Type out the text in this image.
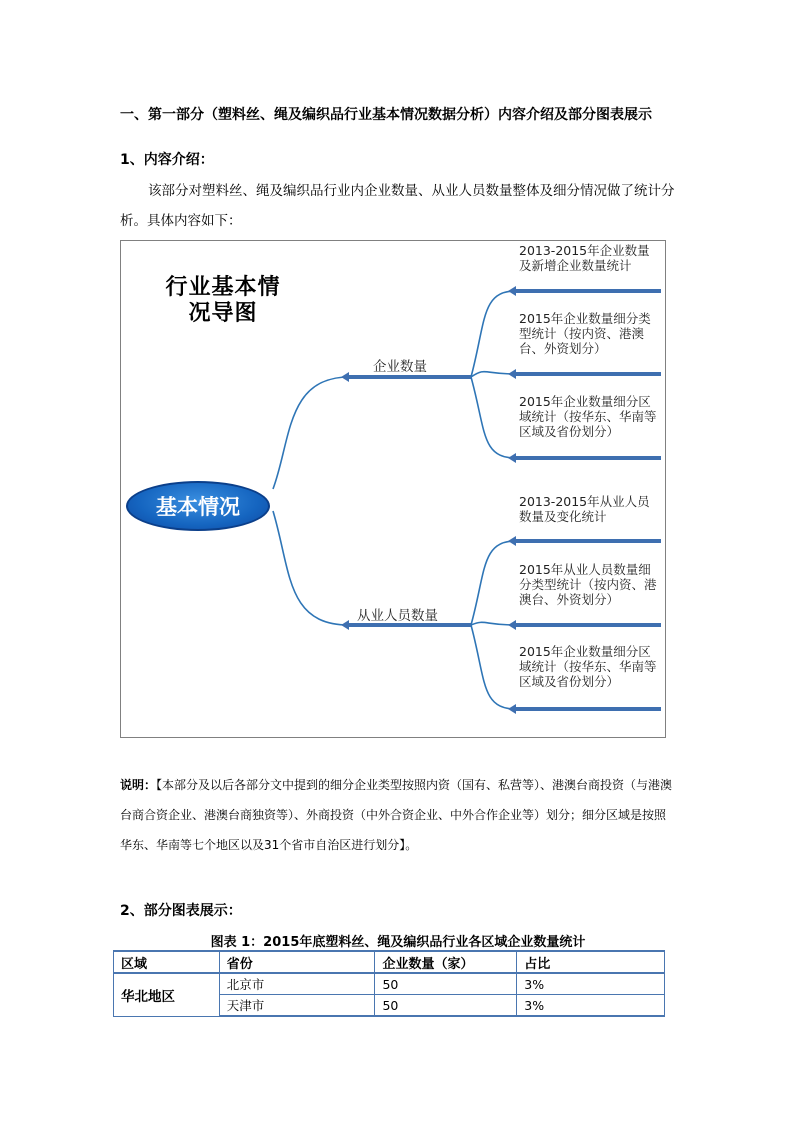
一、第一部分（塑料丝、绳及编织品行业基本情况数据分析）内容介绍及部分图表展示
1、内容介绍：
该部分对塑料丝、绳及编织品行业内企业数量、从业人员数量整体及细分情况做了统计分析。具体内容如下：
行业基本情况导图
基本情况
企业数量
从业人员数量
2013-2015年企业数量及新增企业数量统计
2015年企业数量细分类型统计（按内资、港澳台、外资划分）
2015年企业数量细分区域统计（按华东、华南等区域及省份划分）
2013-2015年从业人员数量及变化统计
2015年从业人员数量细分类型统计（按内资、港澳台、外资划分）
2015年企业数量细分区域统计（按华东、华南等区域及省份划分）
说明：【本部分及以后各部分文中提到的细分企业类型按照内资（国有、私营等）、港澳台商投资（与港澳台商合资企业、港澳台商独资等）、外商投资（中外合资企业、中外合作企业等）划分；细分区域是按照华东、华南等七个地区以及31个省市自治区进行划分】。
2、部分图表展示：
图表 1：2015年底塑料丝、绳及编织品行业各区域企业数量统计
区域	省份	企业数量（家）	占比
华北地区	北京市	50	3%
	天津市	50	3%
